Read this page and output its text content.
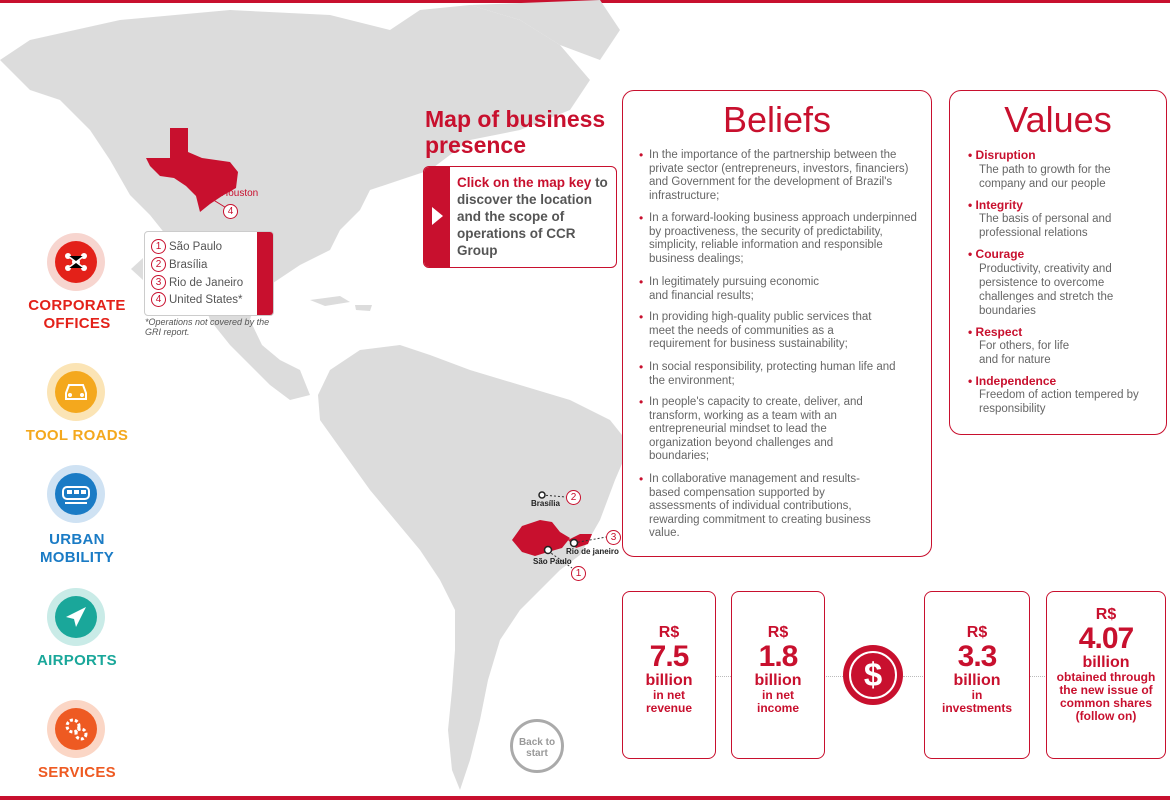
Houston
4
Brasília
2
Rio de janeiro
3
São Paulo
1
CORPORATE
OFFICES
TOOL ROADS
URBAN
MOBILITY
AIRPORTS
SERVICES
1 São Paulo
2 Brasília
3 Rio de Janeiro
4 United States*
*Operations not covered by the GRI report.
Map of business
presence
Click on the map key to discover the location and the scope of operations of CCR Group
Beliefs
• In the importance of the partnership between the private sector (entrepreneurs, investors, financiers) and Government for the development of Brazil's infrastructure;
• In a forward-looking business approach underpinned by proactiveness, the security of predictability, simplicity, reliable information and responsible business dealings;
• In legitimately pursuing economic and financial results;
• In providing high-quality public services that meet the needs of communities as a requirement for business sustainability;
• In social responsibility, protecting human life and the environment;
• In people's capacity to create, deliver, and transform, working as a team with an entrepreneurial mindset to lead the organization beyond challenges and boundaries;
• In collaborative management and results-based compensation supported by assessments of individual contributions, rewarding commitment to creating business value.
Values
• Disruption
The path to growth for the company and our people
• Integrity
The basis of personal and professional relations
• Courage
Productivity, creativity and persistence to overcome challenges and stretch the boundaries
• Respect
For others, for life and for nature
• Independence
Freedom of action tempered by responsibility
R$
7.5
billion
in net
revenue
R$
1.8
billion
in net
income
$
R$
3.3
billion
in
investments
R$
4.07
billion
obtained through the new issue of common shares (follow on)
Back to start
